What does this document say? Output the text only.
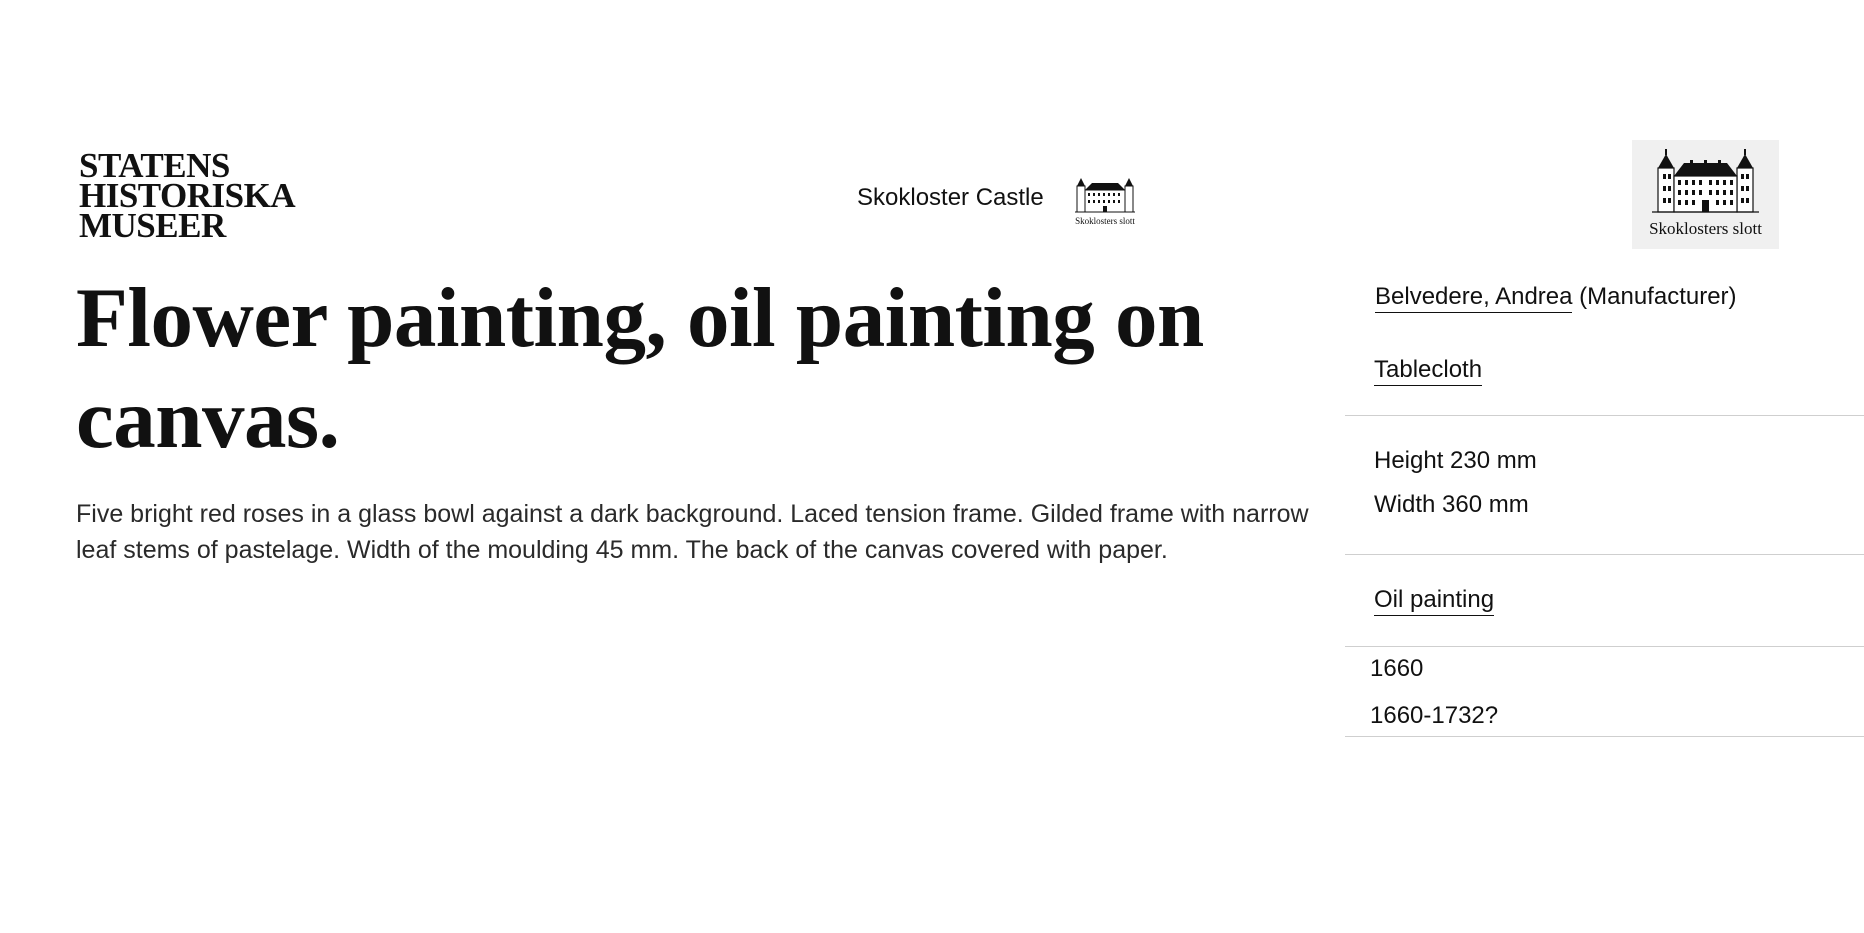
STATENS
HISTORISKA
MUSEER
Skokloster Castle
Skoklosters slott	Skoklosters slott
Flower painting, oil painting on canvas.

Five bright red roses in a glass bowl against a dark background. Laced tension frame. Gilded frame with narrow leaf stems of pastelage. Width of the moulding 45 mm. The back of the canvas covered with paper.

Belvedere, Andrea (Manufacturer)
Tablecloth
Height 230 mm
Width 360 mm
Oil painting
1660
1660-1732?
